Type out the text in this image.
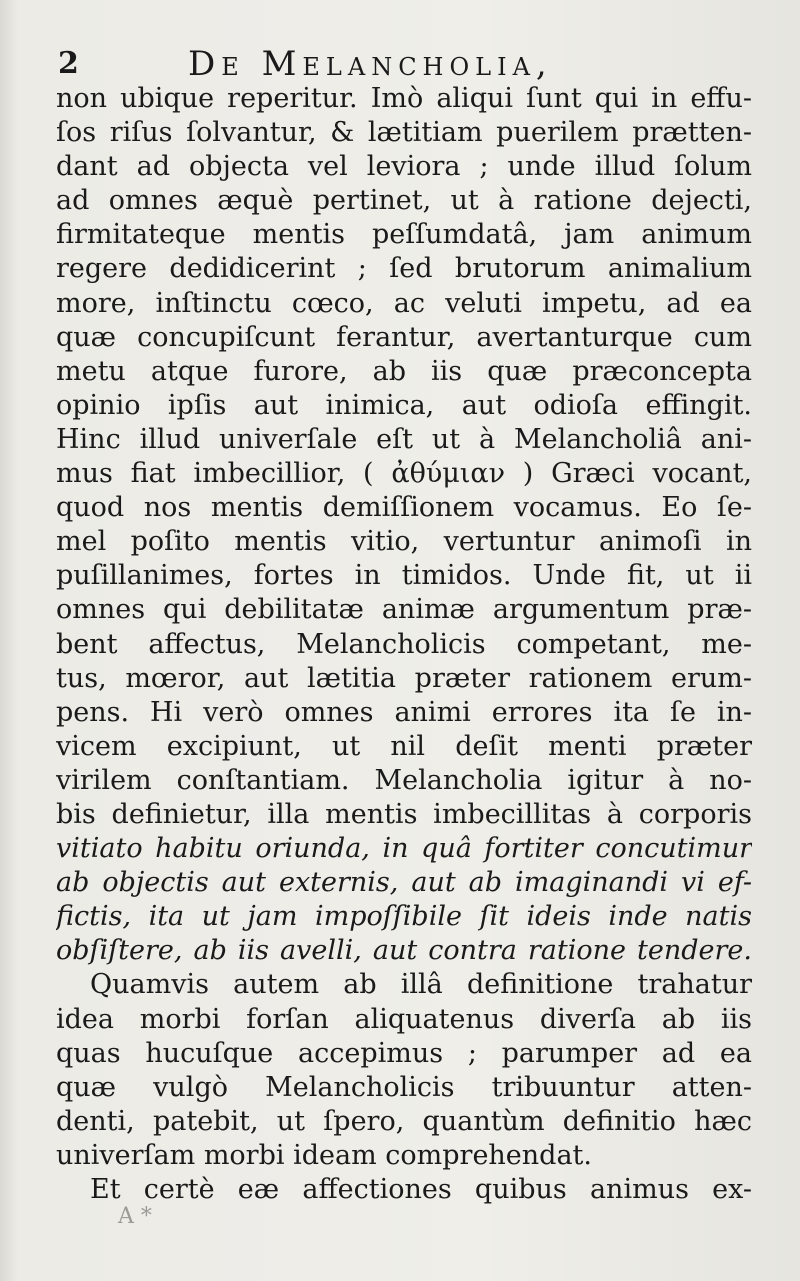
2	De Melancholia,
non ubique reperitur. Imò aliqui ſunt qui in effu-
ſos riſus ſolvantur, & lætitiam puerilem prætten-
dant ad objecta vel leviora ; unde illud ſolum
ad omnes æquè pertinet, ut à ratione dejecti,
firmitateque mentis peſſumdatâ, jam animum
regere dedidicerint ; ſed brutorum animalium
more, inſtinctu cœco, ac veluti impetu, ad ea
quæ concupiſcunt ferantur, avertanturque cum
metu atque furore, ab iis quæ præconcepta
opinio ipſis aut inimica, aut odioſa effingit.
Hinc illud univerſale eſt ut à Melancholiâ ani-
mus fiat imbecillior, ( ἀθύμιαν ) Græci vocant,
quod nos mentis demiſſionem vocamus. Eo ſe-
mel poſito mentis vitio, vertuntur animoſi in
puſillanimes, fortes in timidos. Unde fit, ut ii
omnes qui debilitatæ animæ argumentum præ-
bent affectus, Melancholicis competant, me-
tus, mœror, aut lætitia præter rationem erum-
pens. Hi verò omnes animi errores ita ſe in-
vicem excipiunt, ut nil deſit menti præter
virilem conſtantiam. Melancholia igitur à no-
bis definietur, illa mentis imbecillitas à corporis
vitiato habitu oriunda, in quâ fortiter concutimur
ab objectis aut externis, aut ab imaginandi vi ef-
fictis, ita ut jam impoſſibile ſit ideis inde natis
obſiſtere, ab iis avelli, aut contra ratione tendere.
Quamvis autem ab illâ definitione trahatur
idea morbi forſan aliquatenus diverſa ab iis
quas hucuſque accepimus ; parumper ad ea
quæ vulgò Melancholicis tribuuntur atten-
denti, patebit, ut ſpero, quantùm definitio hæc
univerſam morbi ideam comprehendat.
Et certè eæ affectiones quibus animus ex-
A *
